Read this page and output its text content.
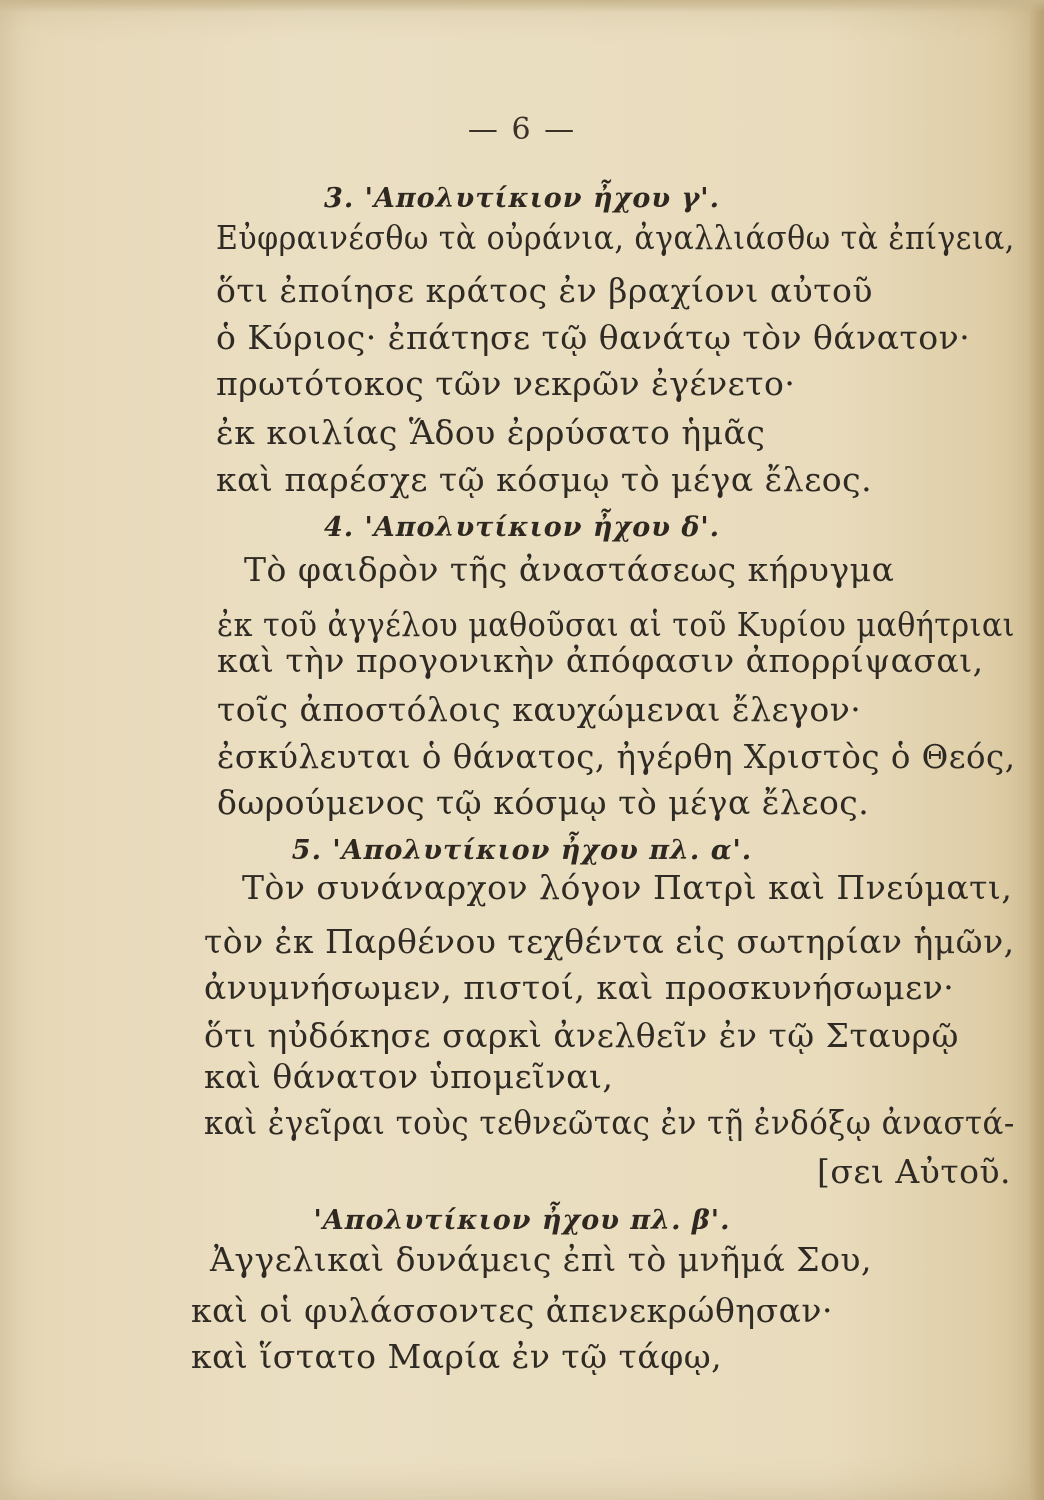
— 6 —
3. 'Απολυτίκιον ἦχου γ'.
Εὐφραινέσθω τὰ οὐράνια, ἀγαλλιάσθω τὰ ἐπίγεια,
ὅτι ἐποίησε κράτος ἐν βραχίονι αὐτοῦ
ὁ Κύριος· ἐπάτησε τῷ θανάτῳ τὸν θάνατον·
πρωτότοκος τῶν νεκρῶν ἐγένετο·
ἐκ κοιλίας Ἅδου ἐρρύσατο ἡμᾶς
καὶ παρέσχε τῷ κόσμῳ τὸ μέγα ἔλεος.
4. 'Απολυτίκιον ἦχου δ'.
Τὸ φαιδρὸν τῆς ἀναστάσεως κήρυγμα
ἐκ τοῦ ἀγγέλου μαθοῦσαι αἱ τοῦ Κυρίου μαθήτριαι
καὶ τὴν προγονικὴν ἀπόφασιν ἀπορρίψασαι,
τοῖς ἀποστόλοις καυχώμεναι ἔλεγον·
ἐσκύλευται ὁ θάνατος, ἠγέρθη Χριστὸς ὁ Θεός,
δωρούμενος τῷ κόσμῳ τὸ μέγα ἔλεος.
5. 'Απολυτίκιον ἦχου πλ. α'.
Τὸν συνάναρχον λόγον Πατρὶ καὶ Πνεύματι,
τὸν ἐκ Παρθένου τεχθέντα εἰς σωτηρίαν ἡμῶν,
ἀνυμνήσωμεν, πιστοί, καὶ προσκυνήσωμεν·
ὅτι ηὐδόκησε σαρκὶ ἀνελθεῖν ἐν τῷ Σταυρῷ
καὶ θάνατον ὑπομεῖναι,
καὶ ἐγεῖραι τοὺς τεθνεῶτας ἐν τῇ ἐνδόξῳ ἀναστά-
[σει Αὐτοῦ.
'Απολυτίκιον ἦχου πλ. β'.
Ἀγγελικαὶ δυνάμεις ἐπὶ τὸ μνῆμά Σου,
καὶ οἱ φυλάσσοντες ἀπενεκρώθησαν·
καὶ ἵστατο Μαρία ἐν τῷ τάφῳ,
